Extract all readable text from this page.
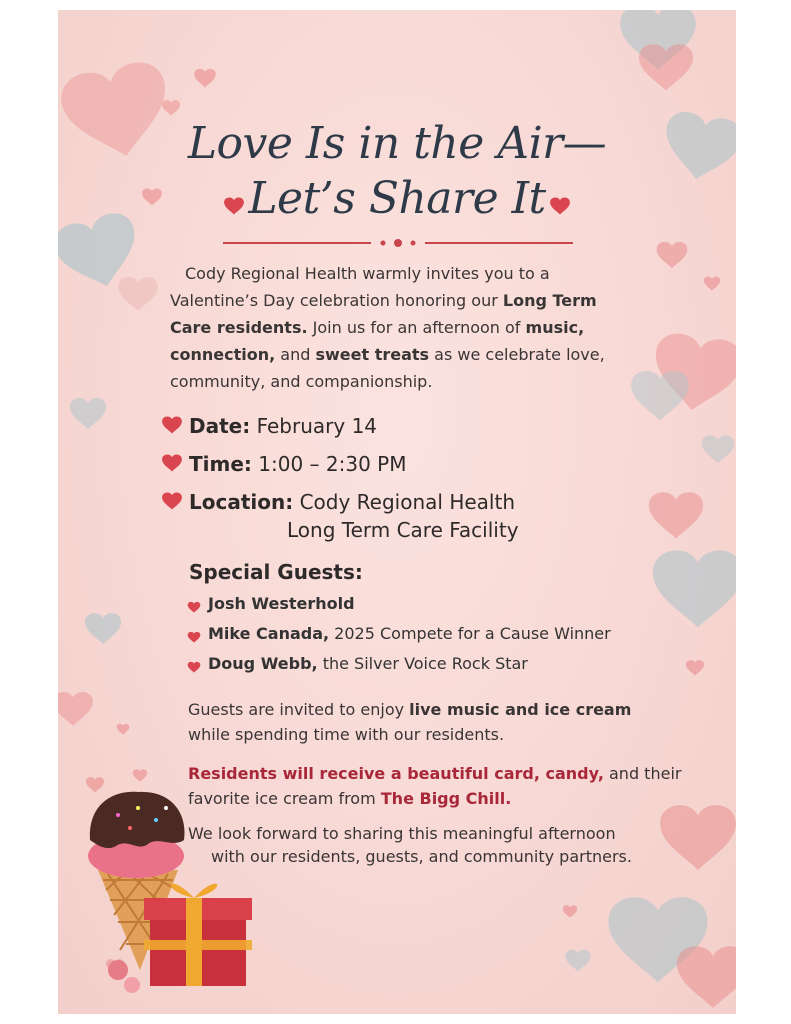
Love Is in the Air—
Let’s Share It
Cody Regional Health warmly invites you to a
Valentine’s Day celebration honoring our Long Term
Care residents. Join us for an afternoon of music,
connection, and sweet treats as we celebrate love,
community, and companionship.
Date: February 14
Time: 1:00 – 2:30 PM
Location: Cody Regional Health
Long Term Care Facility
Special Guests:
Josh Westerhold
Mike Canada, 2025 Compete for a Cause Winner
Doug Webb, the Silver Voice Rock Star
Guests are invited to enjoy live music and ice cream
while spending time with our residents.
Residents will receive a beautiful card, candy, and their
favorite ice cream from The Bigg Chill.
We look forward to sharing this meaningful afternoon
with our residents, guests, and community partners.
